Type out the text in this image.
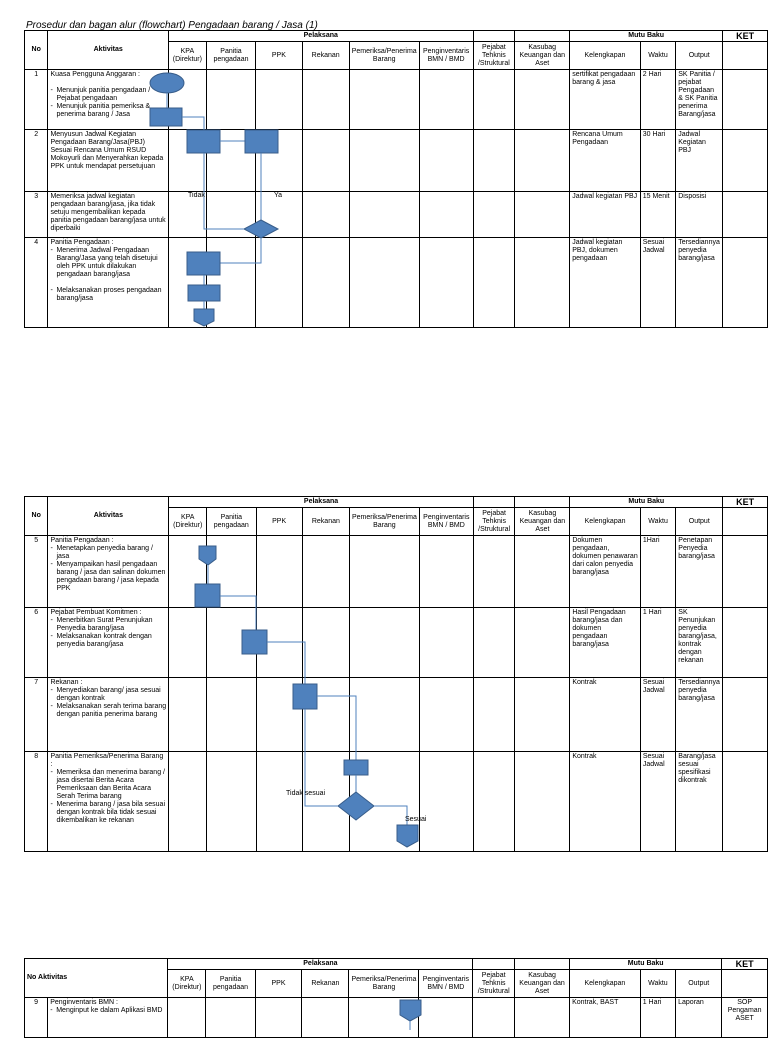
Prosedur dan bagan alur (flowchart) Pengadaan barang / Jasa (1)
No	Aktivitas	Pelaksana								Mutu Baku			KET
		KPA (Direktur)	Panitia pengadaan	PPK	Rekanan	Pemeriksa/Penerima Barang	Penginventaris BMN / BMD	Pejabat Tehknis /Struktural	Kasubag Keuangan dan Aset	Kelengkapan	Waktu	Output	
1	Kuasa Pengguna Anggaran :

- Menunjuk panitia pengadaan / Pejabat pengadaan
- Menunjuk panitia pemeriksa & penerima barang / Jasa									sertifikat pengadaan barang & jasa	2 Hari	SK Panitia / pejabat Pengadaan & SK Panitia penerima Barang/jasa	
2	Menyusun Jadwal Kegiatan Pengadaan Barang/Jasa(PBJ) Sesuai Rencana Umum RSUD Mokoyurli dan Menyerahkan kepada PPK untuk mendapat persetujuan									Rencana Umum Pengadaan	30 Hari	Jadwal Kegiatan PBJ	
3	Memeriksa jadwal kegiatan pengadaan barang/jasa, jika tidak setuju mengembalikan kepada panitia pengadaan barang/jasa untuk diperbaiki									Jadwal kegiatan PBJ	15 Menit	Disposisi	
4	Panitia Pengadaan :
- Menerima Jadwal Pengadaan Barang/Jasa yang telah disetujui oleh PPK untuk dilakukan pengadaan barang/jasa

- Melaksanakan proses pengadaan barang/jasa									Jadwal kegiatan PBJ, dokumen pengadaan	Sesuai Jadwal	Tersediannya penyedia barang/jasa	
No	Aktivitas	Pelaksana								Mutu Baku			KET
		KPA (Direktur)	Panitia pengadaan	PPK	Rekanan	Pemeriksa/Penerima Barang	Penginventaris BMN / BMD	Pejabat Tehknis /Struktural	Kasubag Keuangan dan Aset	Kelengkapan	Waktu	Output	
5	Panitia Pengadaan :
- Menetapkan penyedia barang / jasa
- Menyampaikan hasil pengadaan barang / jasa dan salinan dokumen pengadaan barang / jasa kepada PPK									Dokumen pengadaan, dokumen penawaran dari calon penyedia barang/jasa	1Hari	Penetapan Penyedia barang/jasa	
6	Pejabat Pembuat Komitmen :
- Menerbitkan Surat Penunjukan Penyedia barang/jasa
- Melaksanakan kontrak dengan penyedia barang/jasa									Hasil Pengadaan barang/jasa dan dokumen pengadaan barang/jasa	1 Hari	SK Penunjukan penyedia barang/jasa, kontrak dengan rekanan	
7	Rekanan :
- Menyediakan barang/ jasa sesuai dengan kontrak
- Melaksanakan serah terima barang dengan panitia penerima barang									Kontrak	Sesuai Jadwal	Tersediannya penyedia barang/jasa	
8	Panitia Pemeriksa/Penerima Barang :
- Memeriksa dan menerima barang / jasa disertai Berita Acara Pemeriksaan dan Berita Acara Serah Terima barang
- Menerima barang / jasa bila sesuai dengan kontrak bila tidak sesuai dikembalikan ke rekanan									Kontrak	Sesuai Jadwal	Barang/jasa sesuai spesifikasi dikontrak	
No Aktivitas		Pelaksana								Mutu Baku			KET
		KPA (Direktur)	Panitia pengadaan	PPK	Rekanan	Pemeriksa/Penerima Barang	Penginventaris BMN / BMD	Pejabat Tehknis /Struktural	Kasubag Keuangan dan Aset	Kelengkapan	Waktu	Output	
9	Penginventaris BMN :
- Menginput ke dalam Aplikasi BMD									Kontrak, BAST	1 Hari	Laporan	SOP Pengaman ASET
Tidak	Ya
Tidak sesuai
Sesuai
